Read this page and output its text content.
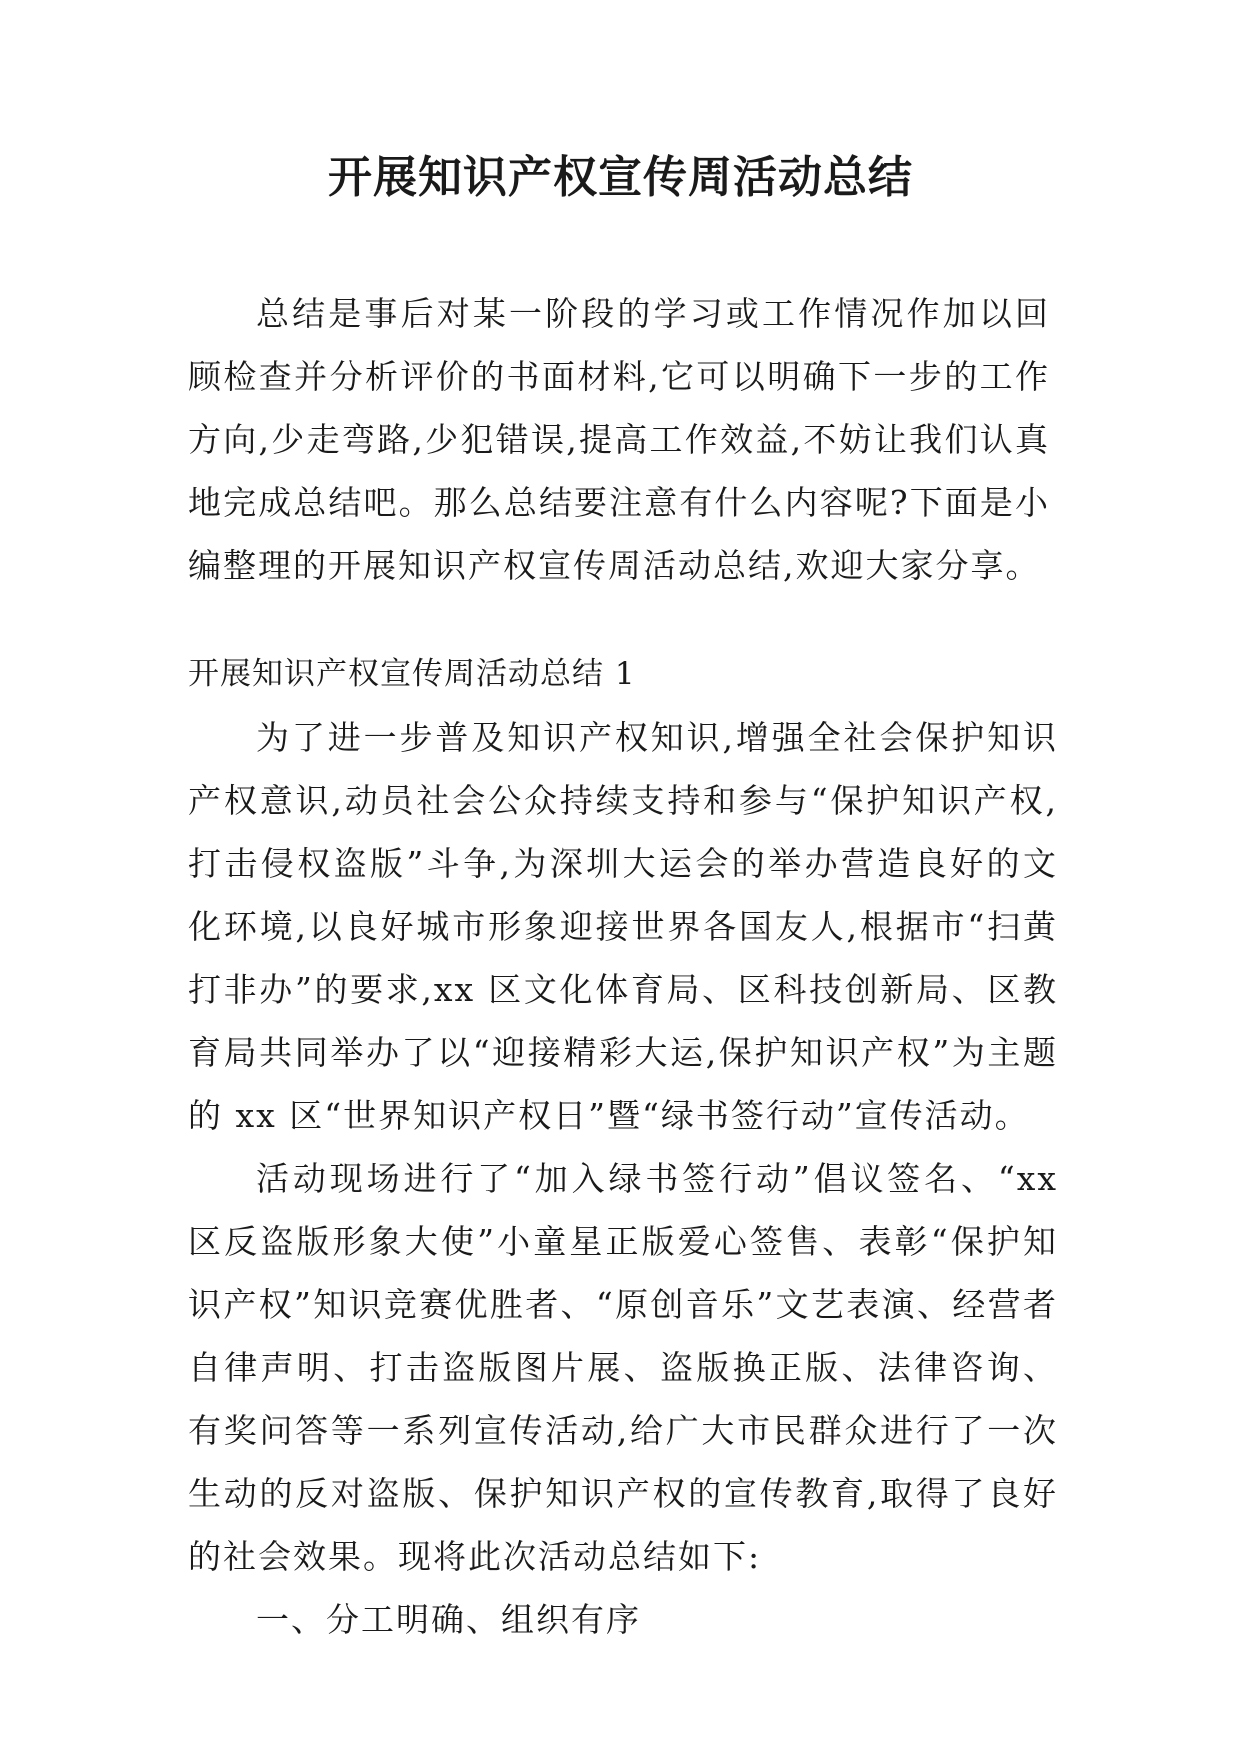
开展知识产权宣传周活动总结

总结是事后对某一阶段的学习或工作情况作加以回顾检查并分析评价的书面材料,它可以明确下一步的工作方向,少走弯路,少犯错误,提高工作效益,不妨让我们认真地完成总结吧。那么总结要注意有什么内容呢?下面是小编整理的开展知识产权宣传周活动总结,欢迎大家分享。

开展知识产权宣传周活动总结 1

为了进一步普及知识产权知识,增强全社会保护知识产权意识,动员社会公众持续支持和参与“保护知识产权,打击侵权盗版”斗争,为深圳大运会的举办营造良好的文化环境,以良好城市形象迎接世界各国友人,根据市“扫黄打非办”的要求,xx 区文化体育局、区科技创新局、区教育局共同举办了以“迎接精彩大运,保护知识产权”为主题的 xx 区“世界知识产权日”暨“绿书签行动”宣传活动。

活动现场进行了“加入绿书签行动”倡议签名、“xx 区反盗版形象大使”小童星正版爱心签售、表彰“保护知识产权”知识竞赛优胜者、“原创音乐”文艺表演、经营者自律声明、打击盗版图片展、盗版换正版、法律咨询、有奖问答等一系列宣传活动,给广大市民群众进行了一次生动的反对盗版、保护知识产权的宣传教育,取得了良好的社会效果。现将此次活动总结如下:

一、分工明确、组织有序
